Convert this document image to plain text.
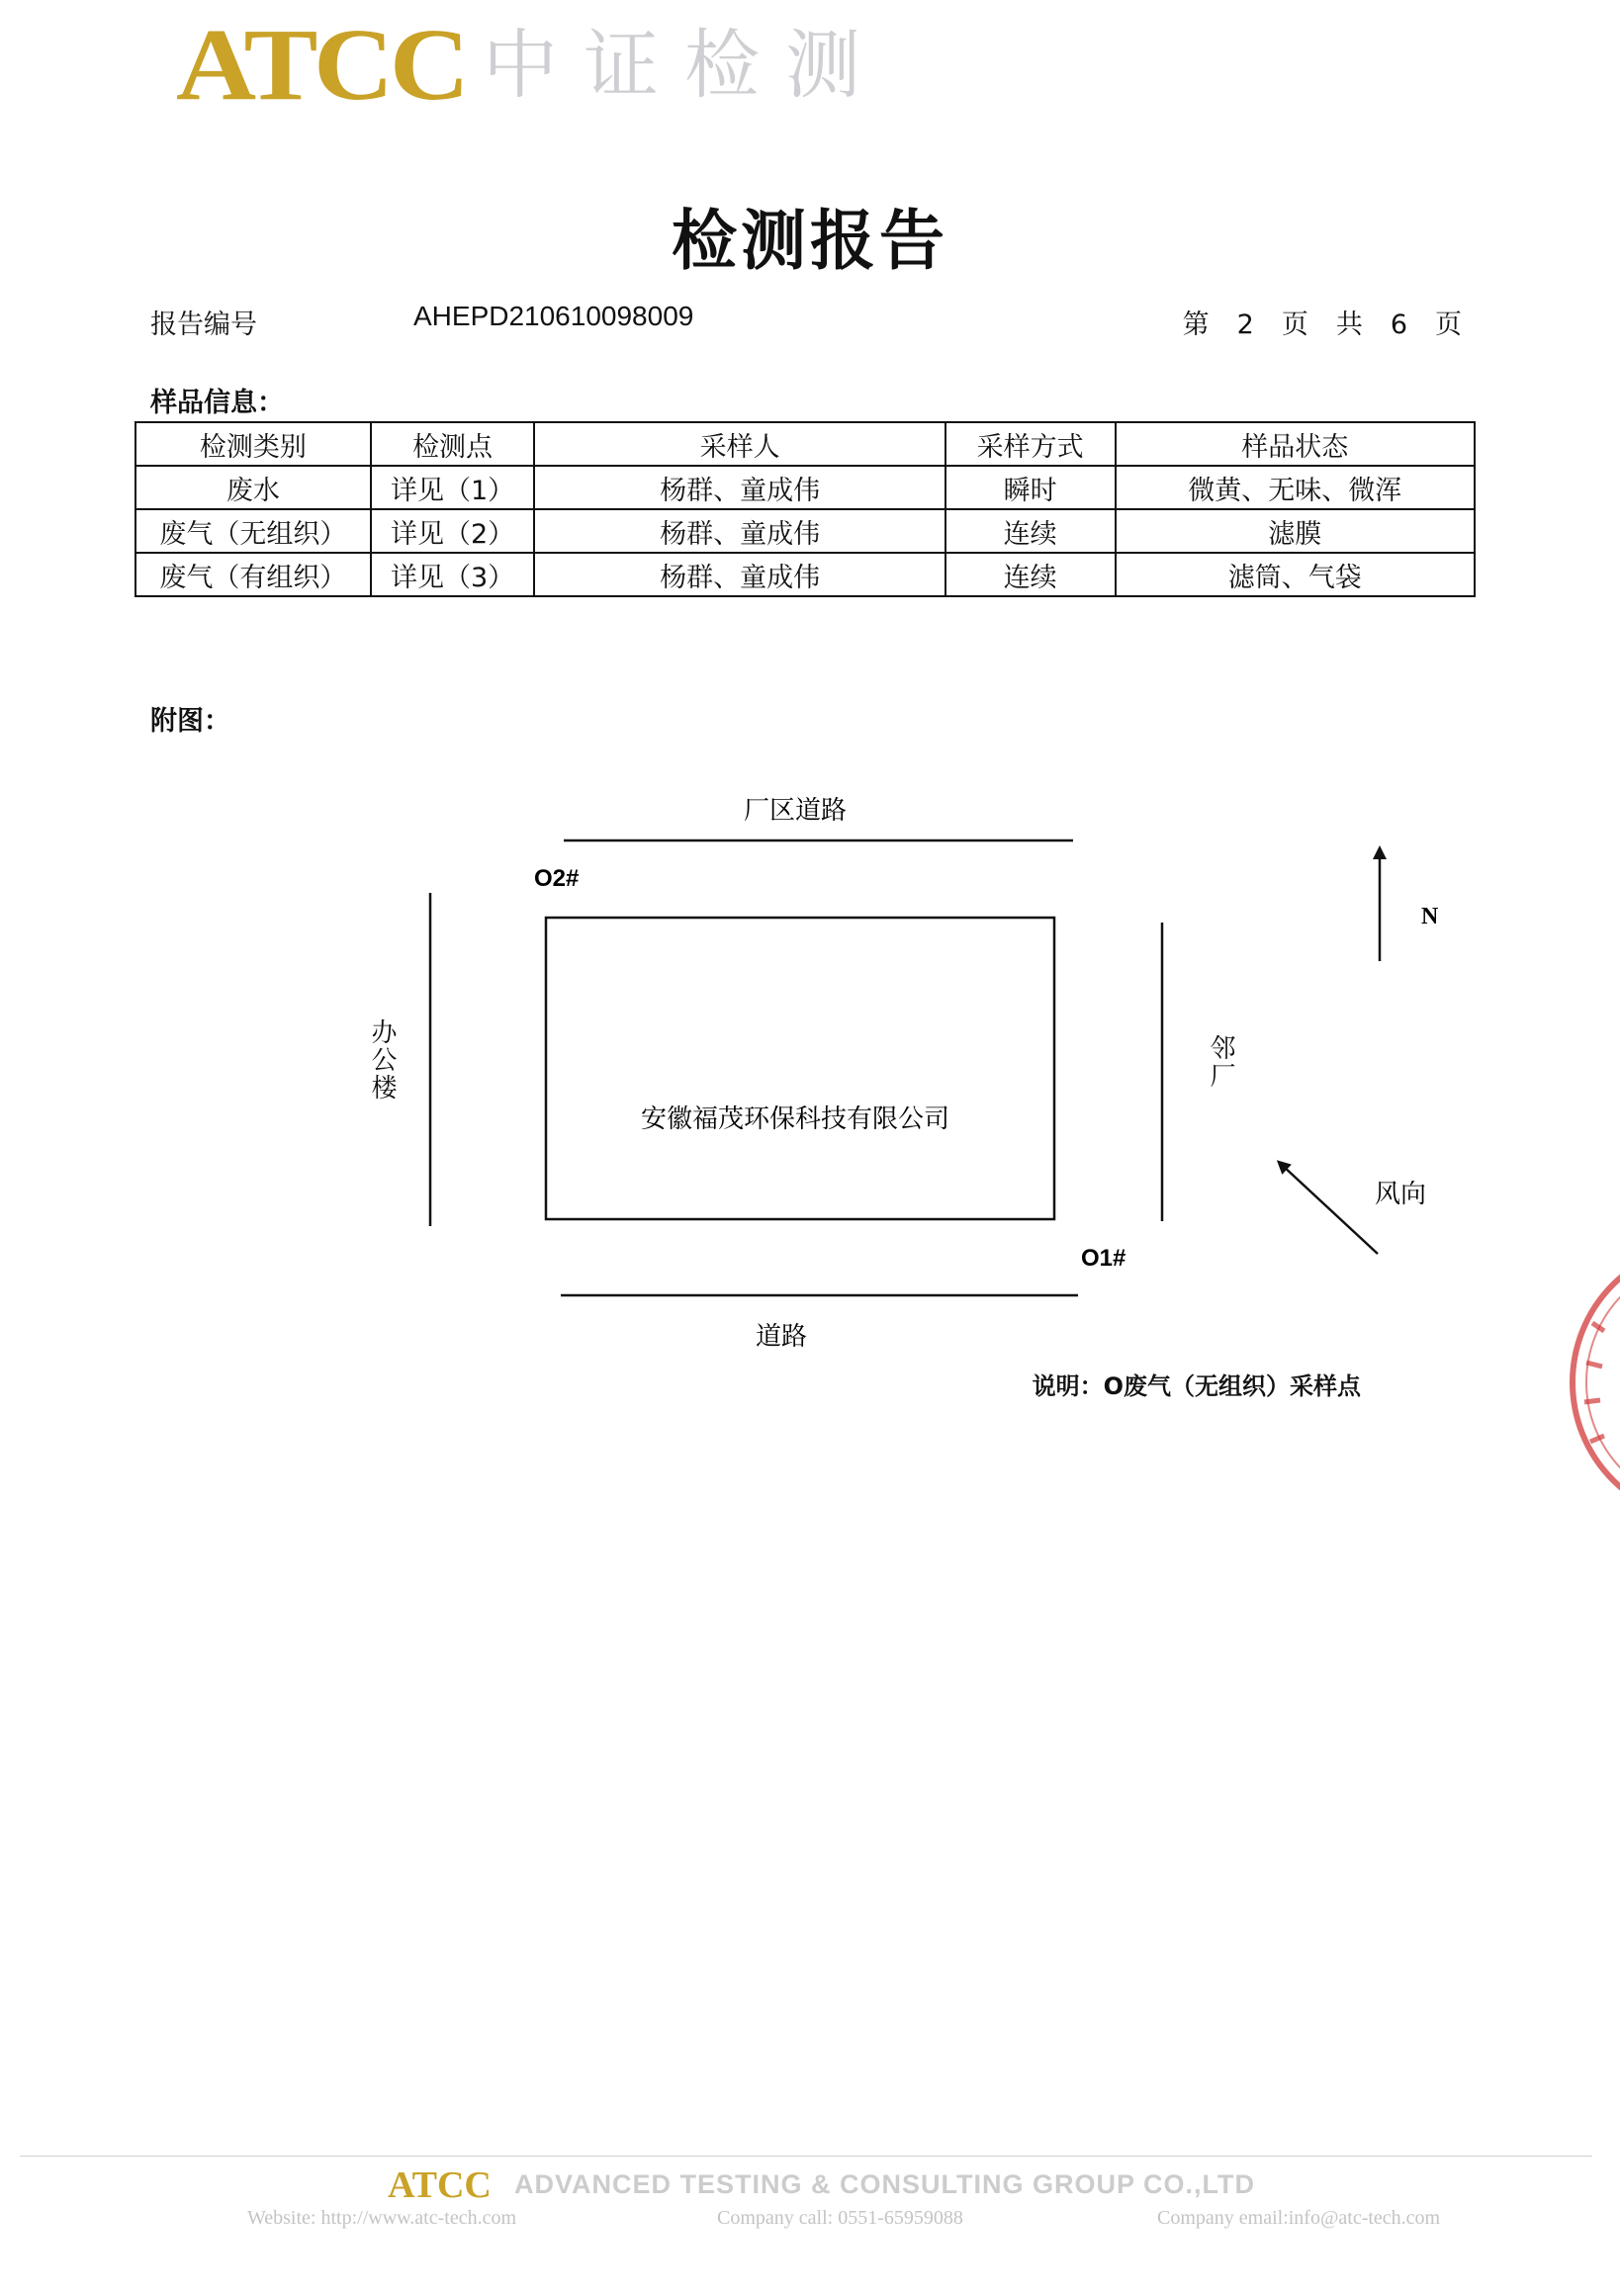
ATCC 中证检测
检测报告
报告编号	AHEPD210610098009	第 2 页 共 6 页
样品信息：
检测类别	检测点	采样人	采样方式	样品状态
废水	详见（1）	杨群、童成伟	瞬时	微黄、无味、微浑
废气（无组织）	详见（2）	杨群、童成伟	连续	滤膜
废气（有组织）	详见（3）	杨群、童成伟	连续	滤筒、气袋
附图：
厂区道路
O2#
安徽福茂环保科技有限公司
O1#
道路
N
风向
办公楼	邻厂
说明：O废气（无组织）采样点
ATCC ADVANCED TESTING & CONSULTING GROUP CO.,LTD
Website: http://www.atc-tech.com	Company call: 0551-65959088	Company email:info@atc-tech.com
